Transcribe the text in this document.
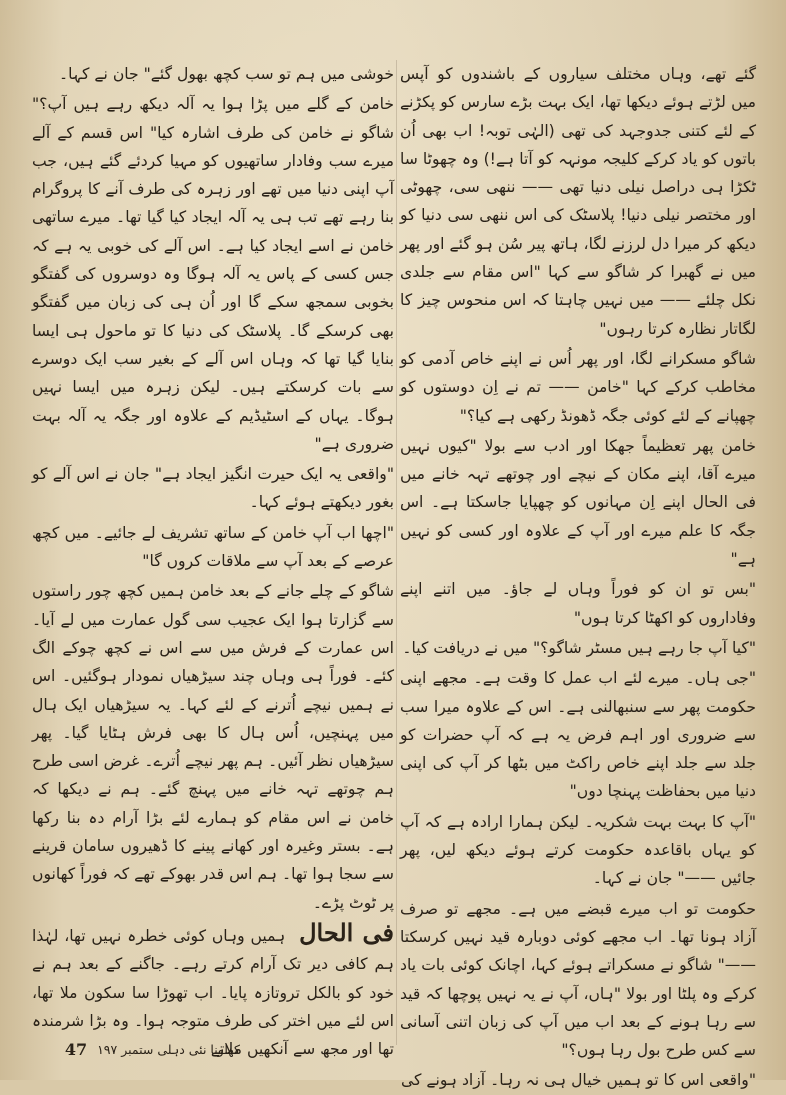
گئے تھے، وہاں مختلف سیاروں کے باشندوں کو آپس میں لڑتے ہوئے دیکھا تھا، ایک بہت بڑے سارس کو پکڑنے کے لئے کتنی جدوجہد کی تھی (الہٰی توبہ! اب بھی اُن باتوں کو یاد کرکے کلیجہ مونہہ کو آتا ہے!) وہ چھوٹا سا ٹکڑا ہی دراصل نیلی دنیا تھی —— ننھی سی، چھوٹی اور مختصر نیلی دنیا! پلاسٹک کی اس ننھی سی دنیا کو دیکھ کر میرا دل لرزنے لگا، ہاتھ پیر سُن ہو گئے اور پھر میں نے گھبرا کر شاگو سے کہا "اس مقام سے جلدی نکل چلئے —— میں نہیں چاہتا کہ اس منحوس چیز کا لگاتار نظارہ کرتا رہوں"

شاگو مسکرانے لگا، اور پھر اُس نے اپنے خاص آدمی کو مخاطب کرکے کہا "خامن —— تم نے اِن دوستوں کو چھپانے کے لئے کوئی جگہ ڈھونڈ رکھی ہے کیا؟"

خامن پھر تعظیماً جھکا اور ادب سے بولا "کیوں نہیں میرے آقا، اپنے مکان کے نیچے اور چوتھے تہہ خانے میں فی الحال اپنے اِن مہانوں کو چھپایا جاسکتا ہے۔ اس جگہ کا علم میرے اور آپ کے علاوہ اور کسی کو نہیں ہے"

"بس تو ان کو فوراً وہاں لے جاؤ۔ میں اتنے اپنے وفاداروں کو اکھٹا کرتا ہوں"

"کیا آپ جا رہے ہیں مسٹر شاگو؟" میں نے دریافت کیا۔

"جی ہاں۔ میرے لئے اب عمل کا وقت ہے۔ مجھے اپنی حکومت پھر سے سنبھالنی ہے۔ اس کے علاوہ میرا سب سے ضروری اور اہم فرض یہ ہے کہ آپ حضرات کو جلد سے جلد اپنے خاص راکٹ میں بٹھا کر آپ کی اپنی دنیا میں بحفاظت پہنچا دوں"

"آپ کا بہت بہت شکریہ۔ لیکن ہمارا ارادہ ہے کہ آپ کو یہاں باقاعدہ حکومت کرتے ہوئے دیکھ لیں، پھر جائیں ——" جان نے کہا۔

حکومت تو اب میرے قبضے میں ہے۔ مجھے تو صرف آزاد ہونا تھا۔ اب مجھے کوئی دوبارہ قید نہیں کرسکتا ——" شاگو نے مسکراتے ہوئے کہا، اچانک کوئی بات یاد کرکے وہ پلٹا اور بولا "ہاں، آپ نے یہ نہیں پوچھا کہ قید سے رہا ہونے کے بعد اب میں آپ کی زبان اتنی آسانی سے کس طرح بول رہا ہوں؟"

"واقعی اس کا تو ہمیں خیال ہی نہ رہا۔ آزاد ہونے کی

خوشی میں ہم تو سب کچھ بھول گئے" جان نے کہا۔

خامن کے گلے میں پڑا ہوا یہ آلہ دیکھ رہے ہیں آپ؟" شاگو نے خامن کی طرف اشارہ کیا" اس قسم کے آلے میرے سب وفادار ساتھیوں کو مہیا کردئے گئے ہیں، جب آپ اپنی دنیا میں تھے اور زہرہ کی طرف آنے کا پروگرام بنا رہے تھے تب ہی یہ آلہ ایجاد کیا گیا تھا۔ میرے ساتھی خامن نے اسے ایجاد کیا ہے۔ اس آلے کی خوبی یہ ہے کہ جس کسی کے پاس یہ آلہ ہوگا وہ دوسروں کی گفتگو بخوبی سمجھ سکے گا اور اُن ہی کی زبان میں گفتگو بھی کرسکے گا۔ پلاسٹک کی دنیا کا تو ماحول ہی ایسا بنایا گیا تھا کہ وہاں اس آلے کے بغیر سب ایک دوسرے سے بات کرسکتے ہیں۔ لیکن زہرہ میں ایسا نہیں ہوگا۔ یہاں کے اسٹیڈیم کے علاوہ اور جگہ یہ آلہ بہت ضروری ہے"

"واقعی یہ ایک حیرت انگیز ایجاد ہے" جان نے اس آلے کو بغور دیکھتے ہوئے کہا۔

"اچھا اب آپ خامن کے ساتھ تشریف لے جائیے۔ میں کچھ عرصے کے بعد آپ سے ملاقات کروں گا"

شاگو کے چلے جانے کے بعد خامن ہمیں کچھ چور راستوں سے گزارتا ہوا ایک عجیب سی گول عمارت میں لے آیا۔ اس عمارت کے فرش میں سے اس نے کچھ چوکے الگ کئے۔ فوراً ہی وہاں چند سیڑھیاں نمودار ہوگئیں۔ اس نے ہمیں نیچے اُترنے کے لئے کہا۔ یہ سیڑھیاں ایک ہال میں پہنچیں، اُس ہال کا بھی فرش ہٹایا گیا۔ پھر سیڑھیاں نظر آئیں۔ ہم پھر نیچے اُترے۔ غرض اسی طرح ہم چوتھے تہہ خانے میں پہنچ گئے۔ ہم نے دیکھا کہ خامن نے اس مقام کو ہمارے لئے بڑا آرام دہ بنا رکھا ہے۔ بستر وغیرہ اور کھانے پینے کا ڈھیروں سامان قرینے سے سجا ہوا تھا۔ ہم اس قدر بھوکے تھے کہ فوراً کھانوں پر ٹوٹ پڑے۔

فی الحال ہمیں وہاں کوئی خطرہ نہیں تھا، لہٰذا ہم کافی دیر تک آرام کرتے رہے۔ جاگنے کے بعد ہم نے خود کو بالکل تروتازہ پایا۔ اب تھوڑا سا سکون ملا تھا، اس لئے میں اختر کی طرف متوجہ ہوا۔ وہ بڑا شرمندہ تھا اور مجھ سے آنکھیں ملاتے

کھلونا نئی دہلی ستمبر ۱۹۷
47
